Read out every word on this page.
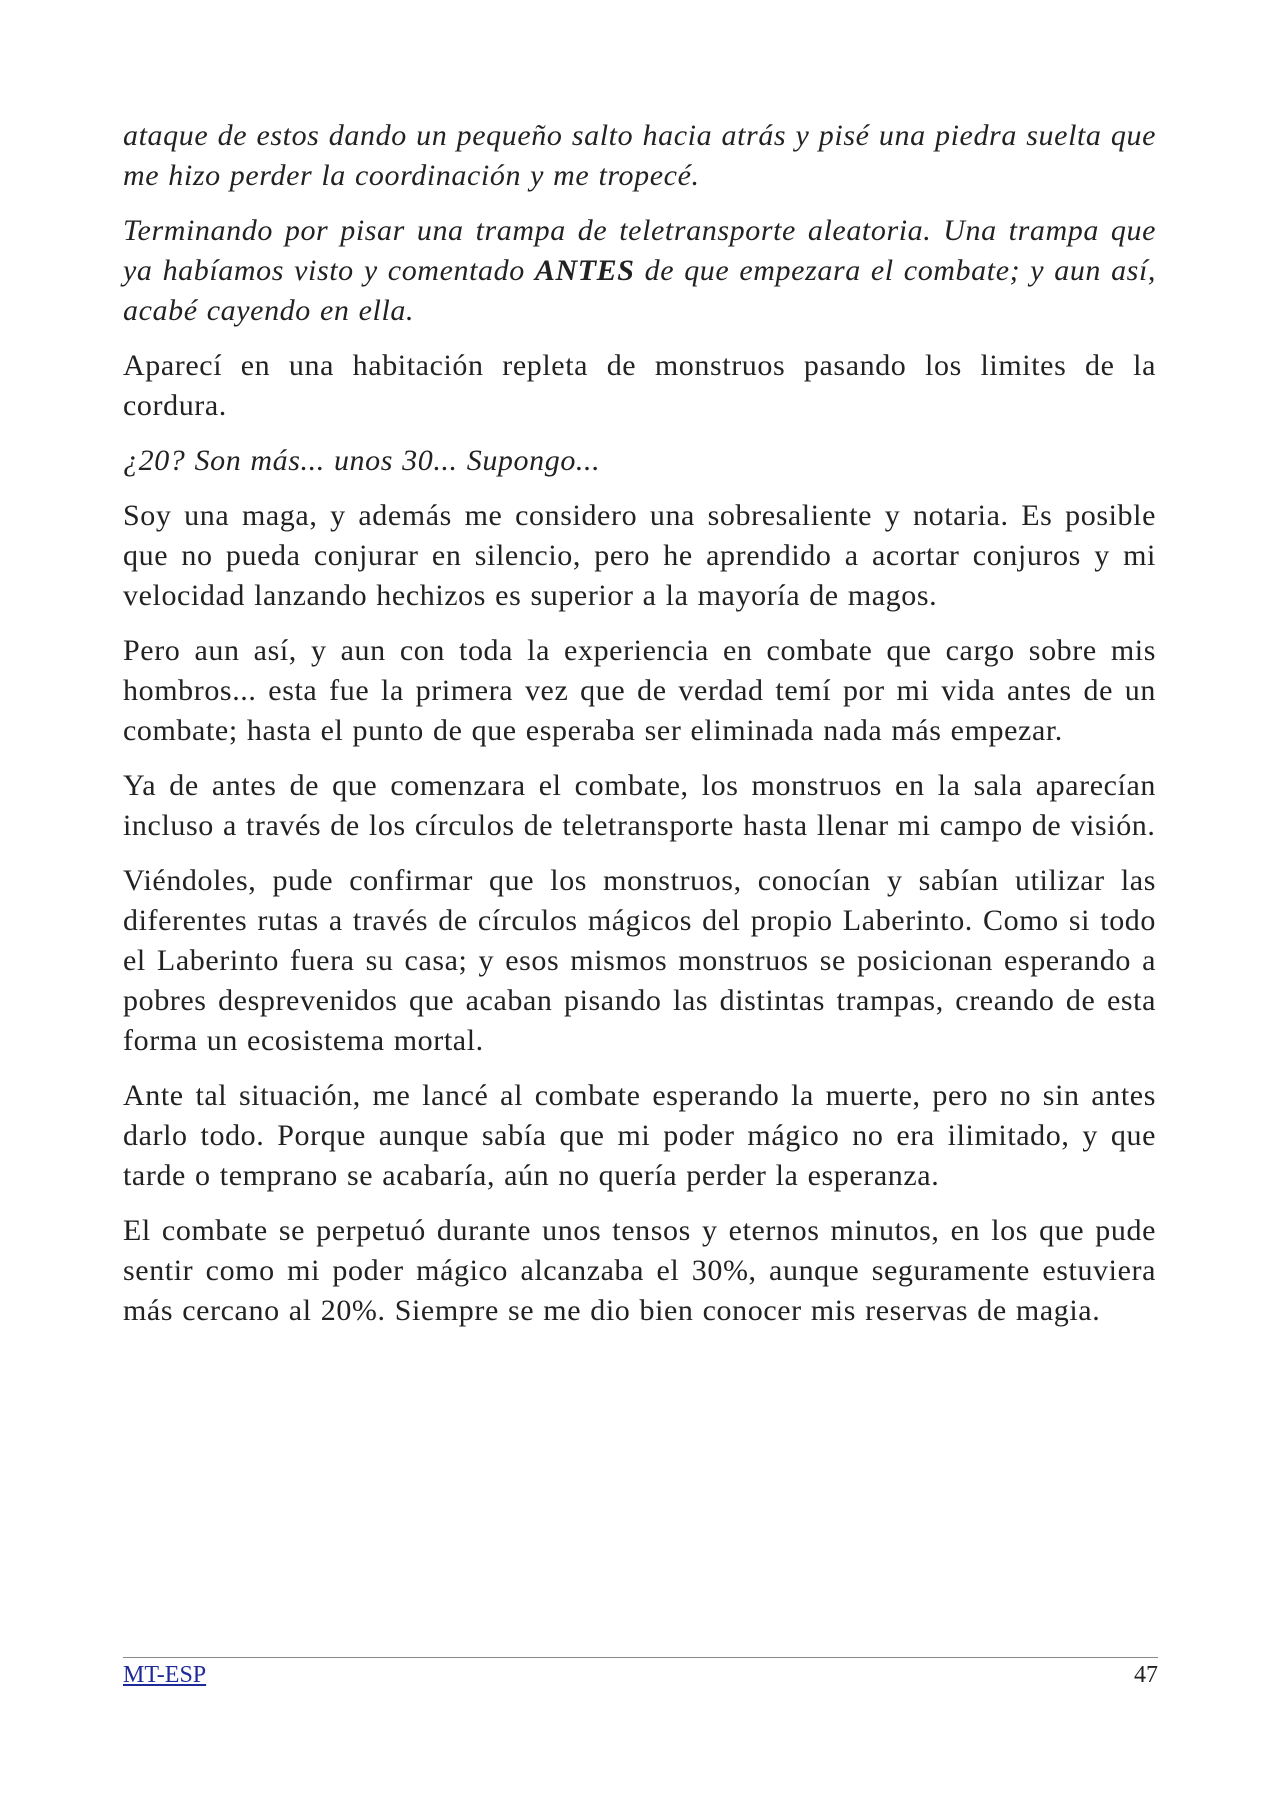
ataque de estos dando un pequeño salto hacia atrás y pisé una piedra suelta que me hizo perder la coordinación y me tropecé.

Terminando por pisar una trampa de teletransporte aleatoria. Una trampa que ya habíamos visto y comentado ANTES de que empezara el combate; y aun así, acabé cayendo en ella.

Aparecí en una habitación repleta de monstruos pasando los limites de la cordura.

¿20? Son más... unos 30... Supongo...

Soy una maga, y además me considero una sobresaliente y notaria. Es posible que no pueda conjurar en silencio, pero he aprendido a acortar conjuros y mi velocidad lanzando hechizos es superior a la mayoría de magos.

Pero aun así, y aun con toda la experiencia en combate que cargo sobre mis hombros... esta fue la primera vez que de verdad temí por mi vida antes de un combate; hasta el punto de que esperaba ser eliminada nada más empezar.

Ya de antes de que comenzara el combate, los monstruos en la sala aparecían incluso a través de los círculos de teletransporte hasta llenar mi campo de visión.

Viéndoles, pude confirmar que los monstruos, conocían y sabían utilizar las diferentes rutas a través de círculos mágicos del propio Laberinto. Como si todo el Laberinto fuera su casa; y esos mismos monstruos se posicionan esperando a pobres desprevenidos que acaban pisando las distintas trampas, creando de esta forma un ecosistema mortal.

Ante tal situación, me lancé al combate esperando la muerte, pero no sin antes darlo todo. Porque aunque sabía que mi poder mágico no era ilimitado, y que tarde o temprano se acabaría, aún no quería perder la esperanza.

El combate se perpetuó durante unos tensos y eternos minutos, en los que pude sentir como mi poder mágico alcanzaba el 30%, aunque seguramente estuviera más cercano al 20%. Siempre se me dio bien conocer mis reservas de magia.

MT-ESP	47
